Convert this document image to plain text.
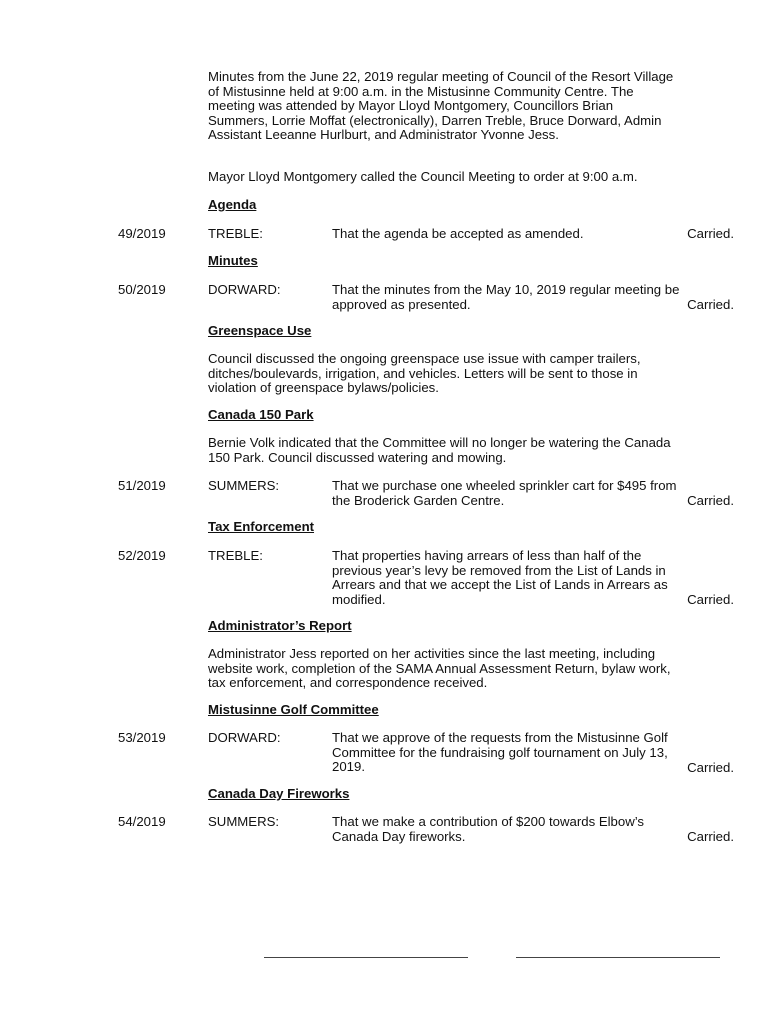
Minutes from the June 22, 2019 regular meeting of Council of the Resort Village

of Mistusinne held at 9:00 a.m. in the Mistusinne Community Centre. The

meeting was attended by Mayor Lloyd Montgomery, Councillors Brian

Summers, Lorrie Moffat (electronically), Darren Treble, Bruce Dorward, Admin

Assistant Leeanne Hurlburt, and Administrator Yvonne Jess.

Mayor Lloyd Montgomery called the Council Meeting to order at 9:00 a.m.

Agenda
49/2019	TREBLE:	That the agenda be accepted as amended.	Carried.
Minutes
50/2019	DORWARD:	That the minutes from the May 10, 2019 regular meeting be

approved as presented.	Carried.
Greenspace Use

Council discussed the ongoing greenspace use issue with camper trailers,

ditches/boulevards, irrigation, and vehicles. Letters will be sent to those in

violation of greenspace bylaws/policies.

Canada 150 Park

Bernie Volk indicated that the Committee will no longer be watering the Canada

150 Park. Council discussed watering and mowing.

51/2019	SUMMERS:	That we purchase one wheeled sprinkler cart for $495 from

the Broderick Garden Centre.	Carried.
Tax Enforcement
52/2019	TREBLE:	That properties having arrears of less than half of the

previous year’s levy be removed from the List of Lands in

Arrears and that we accept the List of Lands in Arrears as

modified.	Carried.
Administrator’s Report

Administrator Jess reported on her activities since the last meeting, including

website work, completion of the SAMA Annual Assessment Return, bylaw work,

tax enforcement, and correspondence received.

Mistusinne Golf Committee
53/2019	DORWARD:	That we approve of the requests from the Mistusinne Golf

Committee for the fundraising golf tournament on July 13,

2019.	Carried.
Canada Day Fireworks
54/2019	SUMMERS:	That we make a contribution of $200 towards Elbow’s

Canada Day fireworks.	Carried.
